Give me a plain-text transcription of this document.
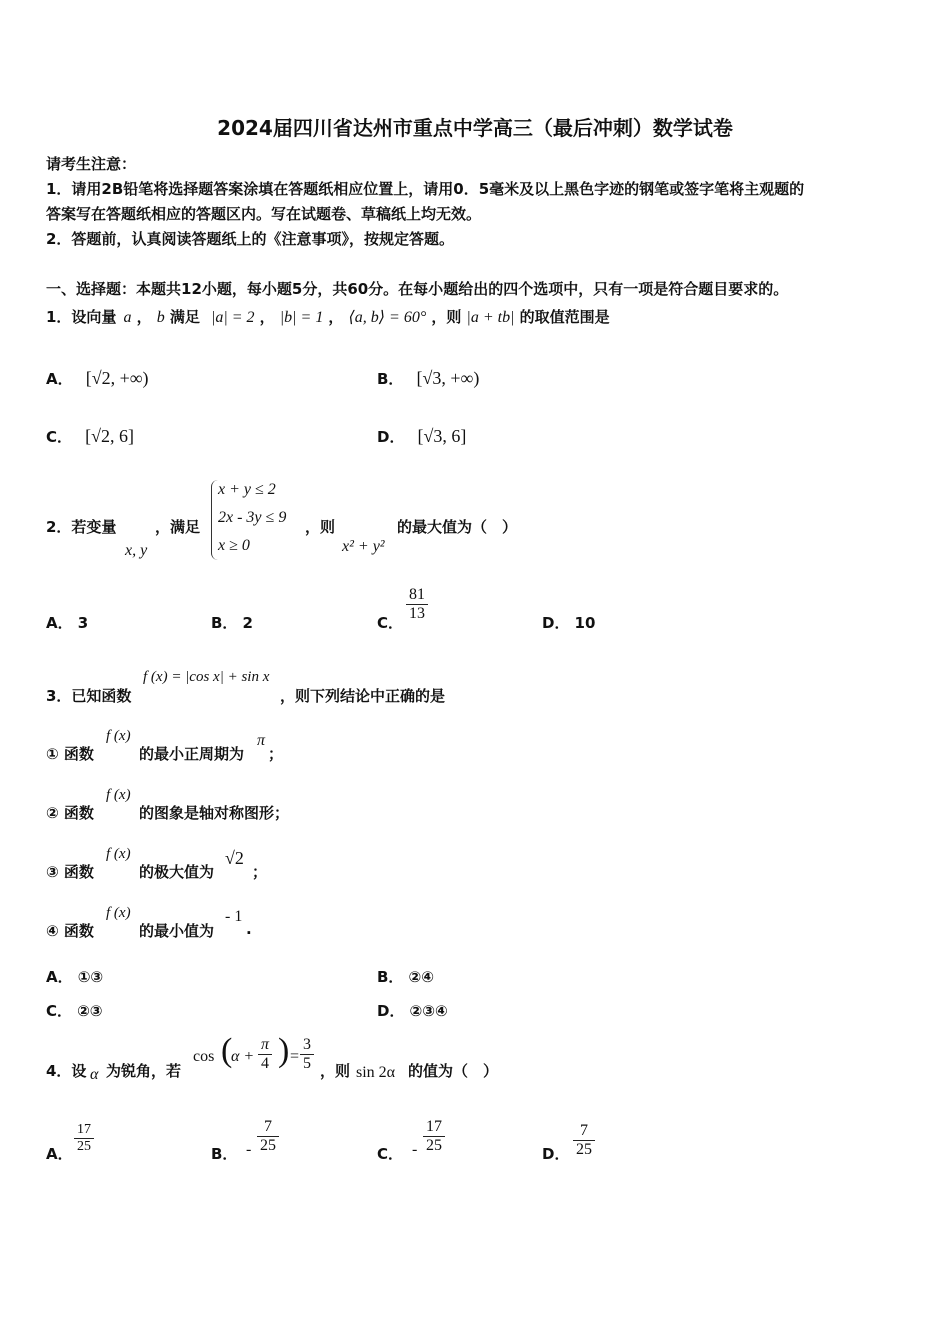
2024届四川省达州市重点中学高三（最后冲刺）数学试卷
请考生注意：
1．请用2B铅笔将选择题答案涂填在答题纸相应位置上，请用0．5毫米及以上黑色字迹的钢笔或签字笔将主观题的
答案写在答题纸相应的答题区内。写在试题卷、草稿纸上均无效。
2．答题前，认真阅读答题纸上的《注意事项》，按规定答题。
一、选择题：本题共12小题，每小题5分，共60分。在每小题给出的四个选项中，只有一项是符合题目要求的。
1．设向量 a ， b 满足 |a| = 2 ， |b| = 1 ， ⟨a, b⟩ = 60° ，则 |a + tb| 的取值范围是
A． [√2, +∞)	B． [√3, +∞)
C． [√2, 6]	D． [√3, 6]
2．若变量
x, y
，满足
x + y ≤ 2
2x - 3y ≤ 9
x ≥ 0
，则
x² + y²
的最大值为（　）
A． 3	B． 2	C． $\frac{81}{13}$	D． 10
3．已知函数
f (x) = |cos x| + sin x
，则下列结论中正确的是
① 函数
f (x)
的最小正周期为
π
；
② 函数
f (x)
的图象是轴对称图形；
③ 函数
f (x)
的极大值为
√2
；
④ 函数
f (x)
的最小值为
- 1
.
A． ①③	B． ②④
C． ②③	D． ②③④
4．设 α 为锐角，若
cos (
$\alpha + \frac{\pi}{4}$ ) = $\frac{3}{5}$ ，则 sin 2α 的值为（　）
A． $\frac{17}{25}$	B． - $\frac{7}{25}$	C． - $\frac{17}{25}$	D． $\frac{7}{25}$
